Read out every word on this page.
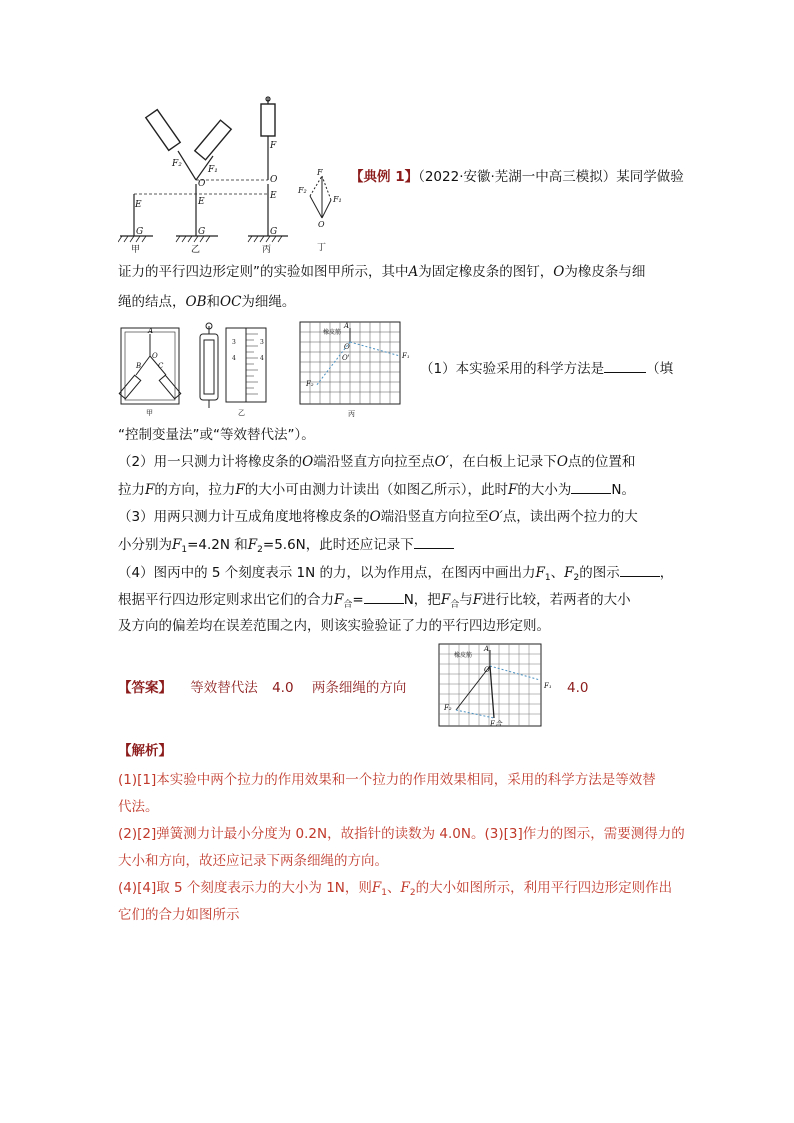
F₂
F₁
F
O	O
E	E
E
G	G	G
甲	乙	丙
F
F₂
F₁
O
丁
【典例 1】（2022·安徽·芜湖一中高三模拟）某同学做验
证力的平行四边形定则”的实验如图甲所示，其中A为固定橡皮条的图钉，O为橡皮条与细
绳的结点，OB和OC为细绳。
A
O
B C
甲
3
4
3
4
乙
橡皮筋
A
O
O'	F₁
F₂
丙
（1）本实验采用的科学方法是	（填
“控制变量法”或“等效替代法”）。
（2）用一只测力计将橡皮条的O端沿竖直方向拉至点O′，在白板上记录下O点的位置和
拉力F的方向，拉力F的大小可由测力计读出（如图乙所示），此时F的大小为	N。
（3）用两只测力计互成角度地将橡皮条的O端沿竖直方向拉至O′点，读出两个拉力的大
小分别为$F_1=4.2N$ 和$F_2=5.6N$，此时还应记录下
（4）图丙中的 5 个刻度表示 1N 的力，以为作用点，在图丙中画出力$F_1$、$F_2$的图示	，
根据平行四边形定则求出它们的合力$F_合=$	N，把$F_合$与F进行比较，若两者的大小
及方向的偏差均在误差范围之内，则该实验验证了力的平行四边形定则。
【答案】 等效替代法 4.0 两条细绳的方向
橡皮筋
A
O
F₁
F₂
F合
4.0
【解析】
(1)[1]本实验中两个拉力的作用效果和一个拉力的作用效果相同，采用的科学方法是等效替
代法。
(2)[2]弹簧测力计最小分度为 0.2N，故指针的读数为 4.0N。(3)[3]作力的图示，需要测得力的
大小和方向，故还应记录下两条细绳的方向。
(4)[4]取 5 个刻度表示力的大小为 1N，则$F_1$、$F_2$的大小如图所示，利用平行四边形定则作出
它们的合力如图所示
